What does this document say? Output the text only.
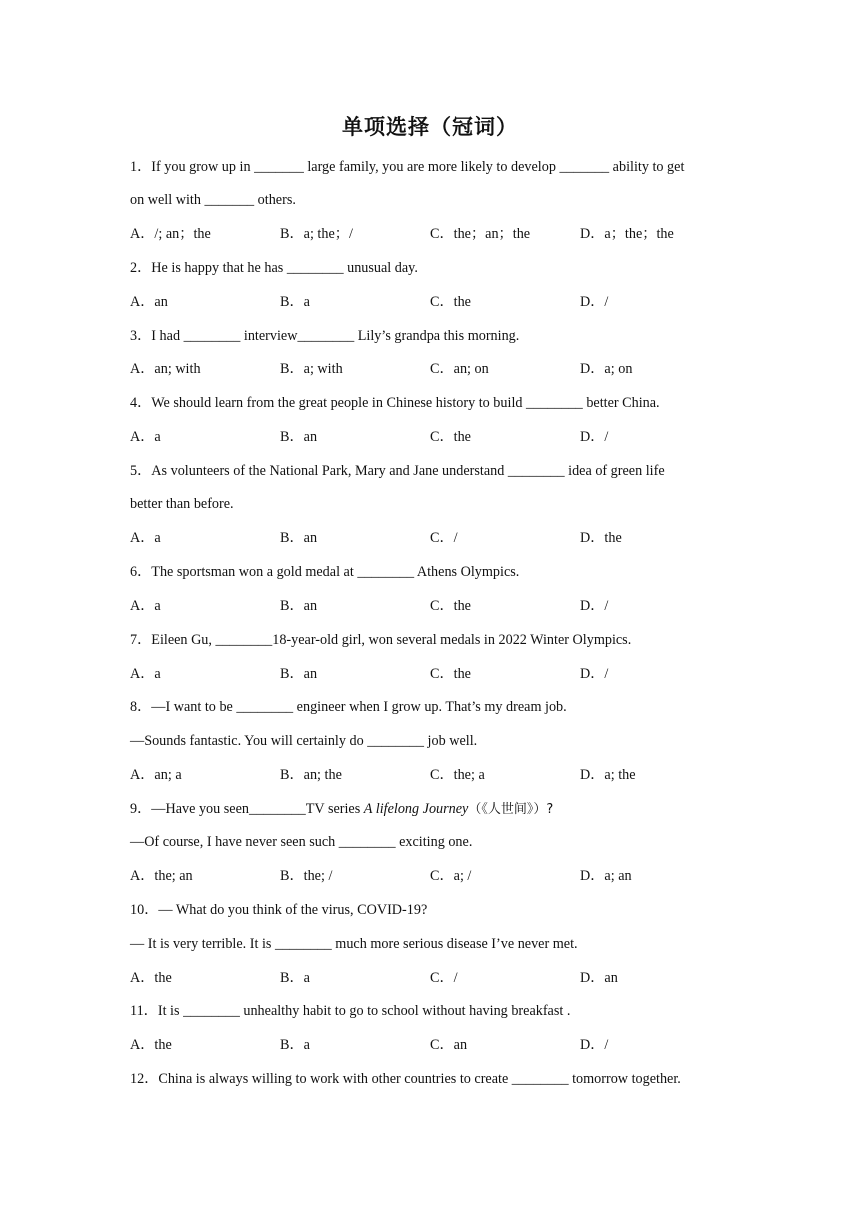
单项选择（冠词）
1．If you grow up in _______ large family, you are more likely to develop _______ ability to get
on well with _______ others.
A．/; an；the	B．a; the；/	C．the；an；the	D．a；the；the
2．He is happy that he has ________ unusual day.
A．an	B．a	C．the	D．/
3．I had ________ interview________ Lily’s grandpa this morning.
A．an; with	B．a; with	C．an; on	D．a; on
4．We should learn from the great people in Chinese history to build ________ better China.
A．a	B．an	C．the	D．/
5．As volunteers of the National Park, Mary and Jane understand ________ idea of green life
better than before.
A．a	B．an	C．/	D．the
6．The sportsman won a gold medal at ________ Athens Olympics.
A．a	B．an	C．the	D．/
7．Eileen Gu, ________18-year-old girl, won several medals in 2022 Winter Olympics.
A．a	B．an	C．the	D．/
8．—I want to be ________ engineer when I grow up. That’s my dream job.
—Sounds fantastic. You will certainly do ________ job well.
A．an; a	B．an; the	C．the; a	D．a; the
9．—Have you seen________TV series A lifelong Journey（《人世间》）?
—Of course, I have never seen such ________ exciting one.
A．the; an	B．the; /	C．a; /	D．a; an
10．— What do you think of the virus, COVID-19?
— It is very terrible. It is ________ much more serious disease I’ve never met.
A．the	B．a	C．/	D．an
11．It is ________ unhealthy habit to go to school without having breakfast .
A．the	B．a	C．an	D．/
12．China is always willing to work with other countries to create ________ tomorrow together.
